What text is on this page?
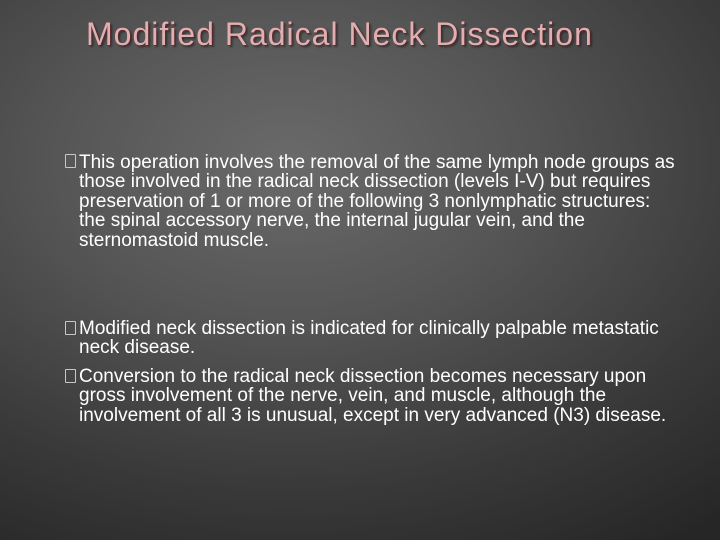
Modified Radical Neck Dissection

This operation involves the removal of the same lymph node groups as those involved in the radical neck dissection (levels I-V) but requires preservation of 1 or more of the following 3 nonlymphatic structures: the spinal accessory nerve, the internal jugular vein, and the sternomastoid muscle.

Modified neck dissection is indicated for clinically palpable metastatic neck disease.

Conversion to the radical neck dissection becomes necessary upon gross involvement of the nerve, vein, and muscle, although the involvement of all 3 is unusual, except in very advanced (N3) disease.
